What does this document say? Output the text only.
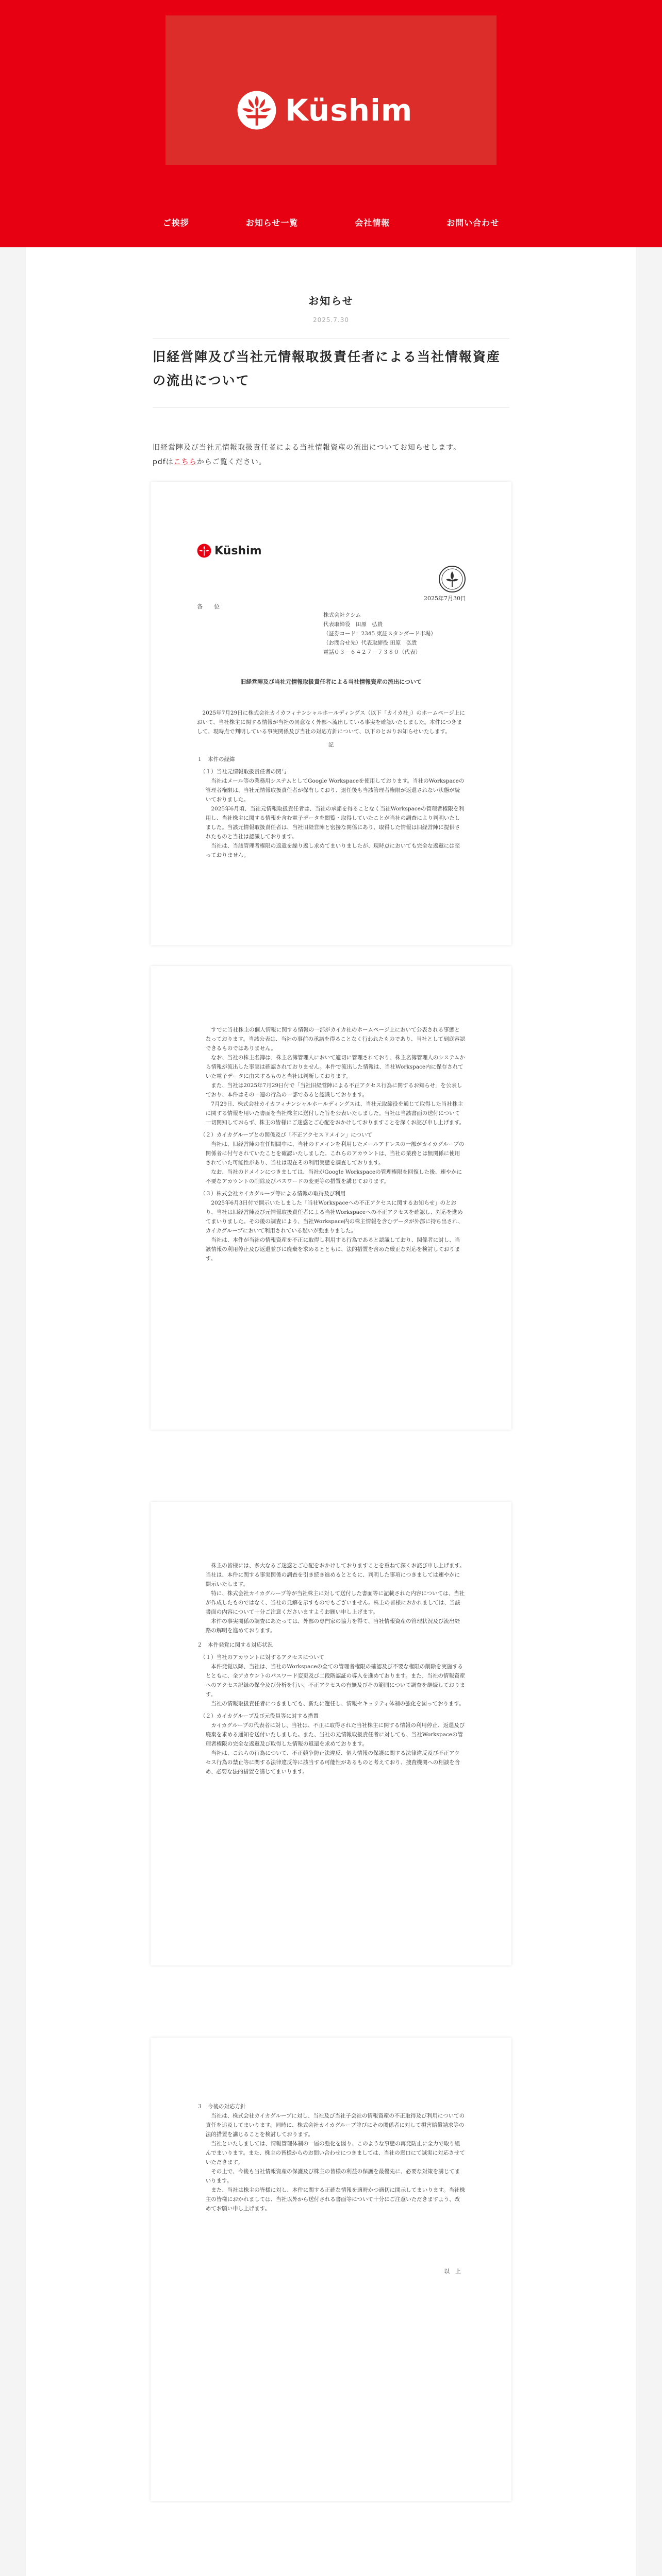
Küshim
ご挨拶	お知らせ一覧	会社情報	お問い合わせ
お知らせ
2025.7.30
旧経営陣及び当社元情報取扱責任者による当社情報資産の流出について
旧経営陣及び当社元情報取扱責任者による当社情報資産の流出についてお知らせします。
pdfはこちらからご覧ください。
Küshim
2025年7月30日
各　　位
株式会社クシム
代表取締役　田原　弘貴
（証券コード：2345 東証スタンダード市場）
（お問合せ先）代表取締役 田原　弘貴
電話０３－６４２７－７３８０（代表）
旧経営陣及び当社元情報取扱責任者による当社情報資産の流出について

2025年7月29日に株式会社カイカフィナンシャルホールディングス（以下「カイカ社」）のホームページ上において、当社株主に関する情報が当社の同意なく外部へ流出している事実を確認いたしました。本件につきまして、現時点で判明している事実関係及び当社の対応方針について、以下のとおりお知らせいたします。

記

１　本件の経緯

（１）当社元情報取扱責任者の関与

当社はメール等の業務用システムとしてGoogle Workspaceを使用しております。当社のWorkspaceの管理者権限は、当社元情報取扱責任者が保有しており、退任後も当該管理者権限が返還されない状態が続いておりました。

2025年6月頃、当社元情報取扱責任者は、当社の承諾を得ることなく当社Workspaceの管理者権限を利用し、当社株主に関する情報を含む電子データを閲覧・取得していたことが当社の調査により判明いたしました。当該元情報取扱責任者は、当社旧経営陣と密接な関係にあり、取得した情報は旧経営陣に提供されたものと当社は認識しております。

当社は、当該管理者権限の返還を繰り返し求めてまいりましたが、現時点においても完全な返還には至っておりません。

すでに当社株主の個人情報に関する情報の一部がカイカ社のホームページ上において公表される事態となっております。当該公表は、当社の事前の承諾を得ることなく行われたものであり、当社として到底容認できるものではありません。

なお、当社の株主名簿は、株主名簿管理人において適切に管理されており、株主名簿管理人のシステムから情報が流出した事実は確認されておりません。本件で流出した情報は、当社Workspace内に保存されていた電子データに由来するものと当社は判断しております。

また、当社は2025年7月29日付で「当社旧経営陣による不正アクセス行為に関するお知らせ」を公表しており、本件はその一連の行為の一部であると認識しております。

7月29日、株式会社カイカフィナンシャルホールディングスは、当社元取締役を通じて取得した当社株主に関する情報を用いた書面を当社株主に送付した旨を公表いたしました。当社は当該書面の送付について一切関知しておらず、株主の皆様にご迷惑とご心配をおかけしておりますことを深くお詫び申し上げます。

（２）カイカグループとの関係及び「不正アクセスドメイン」について

当社は、旧経営陣の在任期間中に、当社のドメインを利用したメールアドレスの一部がカイカグループの関係者に付与されていたことを確認いたしました。これらのアカウントは、当社の業務とは無関係に使用されていた可能性があり、当社は現在その利用実態を調査しております。

なお、当社のドメインにつきましては、当社がGoogle Workspaceの管理権限を回復した後、速やかに不要なアカウントの削除及びパスワードの変更等の措置を講じております。

（３）株式会社カイカグループ等による情報の取得及び利用

2025年6月3日付で開示いたしました「当社Workspaceへの不正アクセスに関するお知らせ」のとおり、当社は旧経営陣及び元情報取扱責任者による当社Workspaceへの不正アクセスを確認し、対応を進めてまいりました。その後の調査により、当社Workspace内の株主情報を含むデータが外部に持ち出され、カイカグループにおいて利用されている疑いが強まりました。

当社は、本件が当社の情報資産を不正に取得し利用する行為であると認識しており、関係者に対し、当該情報の利用停止及び返還並びに廃棄を求めるとともに、法的措置を含めた厳正な対応を検討しております。

株主の皆様には、多大なるご迷惑とご心配をおかけしておりますことを重ねて深くお詫び申し上げます。当社は、本件に関する事実関係の調査を引き続き進めるとともに、判明した事項につきましては速やかに開示いたします。

特に、株式会社カイカグループ等が当社株主に対して送付した書面等に記載された内容については、当社が作成したものではなく、当社の見解を示すものでもございません。株主の皆様におかれましては、当該書面の内容について十分ご注意くださいますようお願い申し上げます。

本件の事実関係の調査にあたっては、外部の専門家の協力を得て、当社情報資産の管理状況及び流出経路の解明を進めております。

２　本件発覚に関する対応状況

（１）当社のアカウントに対するアクセスについて

本件発覚以降、当社は、当社のWorkspaceの全ての管理者権限の確認及び不要な権限の削除を実施するとともに、全アカウントのパスワード変更及び二段階認証の導入を進めております。また、当社の情報資産へのアクセス記録の保全及び分析を行い、不正アクセスの有無及びその範囲について調査を継続しております。

当社の情報取扱責任者につきましても、新たに選任し、情報セキュリティ体制の強化を図っております。

（２）カイカグループ及び元役員等に対する措置

カイカグループの代表者に対し、当社は、不正に取得された当社株主に関する情報の利用停止、返還及び廃棄を求める通知を送付いたしました。また、当社の元情報取扱責任者に対しても、当社Workspaceの管理者権限の完全な返還及び取得した情報の返還を求めております。

当社は、これらの行為について、不正競争防止法違反、個人情報の保護に関する法律違反及び不正アクセス行為の禁止等に関する法律違反等に該当する可能性があるものと考えており、捜査機関への相談を含め、必要な法的措置を講じてまいります。

３　今後の対応方針

当社は、株式会社カイカグループに対し、当社及び当社子会社の情報資産の不正取得及び利用についての責任を追及してまいります。同時に、株式会社カイカグループ並びにその関係者に対して損害賠償請求等の法的措置を講じることを検討しております。

当社といたしましては、情報管理体制の一層の強化を図り、このような事態の再発防止に全力で取り組んでまいります。また、株主の皆様からのお問い合わせにつきましては、当社の窓口にて誠実に対応させていただきます。

その上で、今後も当社情報資産の保護及び株主の皆様の利益の保護を最優先に、必要な対策を講じてまいります。

また、当社は株主の皆様に対し、本件に関する正確な情報を適時かつ適切に開示してまいります。当社株主の皆様におかれましては、当社以外から送付される書面等について十分にご注意いただきますよう、改めてお願い申し上げます。

以　上
